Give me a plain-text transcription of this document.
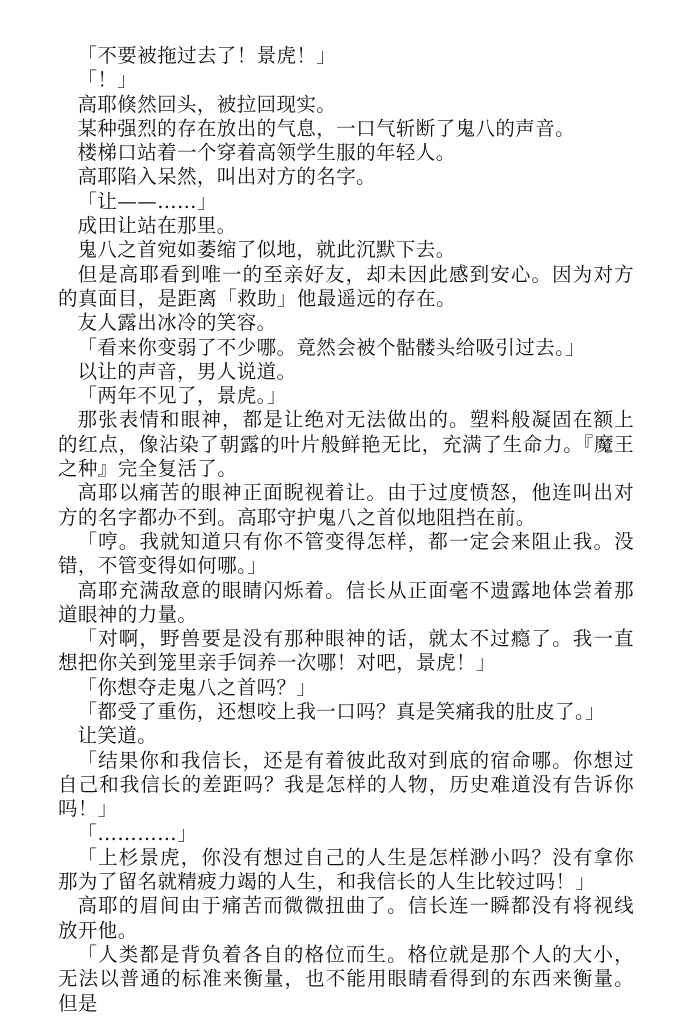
「不要被拖过去了！景虎！」

「！」

高耶倏然回头，被拉回现实。

某种强烈的存在放出的气息，一口气斩断了鬼八的声音。

楼梯口站着一个穿着高领学生服的年轻人。

高耶陷入呆然，叫出对方的名字。

「让——……」

成田让站在那里。

鬼八之首宛如萎缩了似地，就此沉默下去。

但是高耶看到唯一的至亲好友，却未因此感到安心。因为对方的真面目，是距离「救助」他最遥远的存在。

友人露出冰冷的笑容。

「看来你变弱了不少哪。竟然会被个骷髅头给吸引过去。」

以让的声音，男人说道。

「两年不见了，景虎。」

那张表情和眼神，都是让绝对无法做出的。塑料般凝固在额上的红点，像沾染了朝露的叶片般鲜艳无比，充满了生命力。『魔王之种』完全复活了。

高耶以痛苦的眼神正面睨视着让。由于过度愤怒，他连叫出对方的名字都办不到。高耶守护鬼八之首似地阻挡在前。

「哼。我就知道只有你不管变得怎样，都一定会来阻止我。没错，不管变得如何哪。」

高耶充满敌意的眼睛闪烁着。信长从正面毫不遗露地体尝着那道眼神的力量。

「对啊，野兽要是没有那种眼神的话，就太不过瘾了。我一直想把你关到笼里亲手饲养一次哪！对吧，景虎！」

「你想夺走鬼八之首吗？」

「都受了重伤，还想咬上我一口吗？真是笑痛我的肚皮了。」

让笑道。

「结果你和我信长，还是有着彼此敌对到底的宿命哪。你想过自己和我信长的差距吗？我是怎样的人物，历史难道没有告诉你吗！」

「…………」

「上杉景虎，你没有想过自己的人生是怎样渺小吗？没有拿你那为了留名就精疲力竭的人生，和我信长的人生比较过吗！」

高耶的眉间由于痛苦而微微扭曲了。信长连一瞬都没有将视线放开他。

「人类都是背负着各自的格位而生。格位就是那个人的大小，无法以普通的标准来衡量，也不能用眼睛看得到的东西来衡量。但是
